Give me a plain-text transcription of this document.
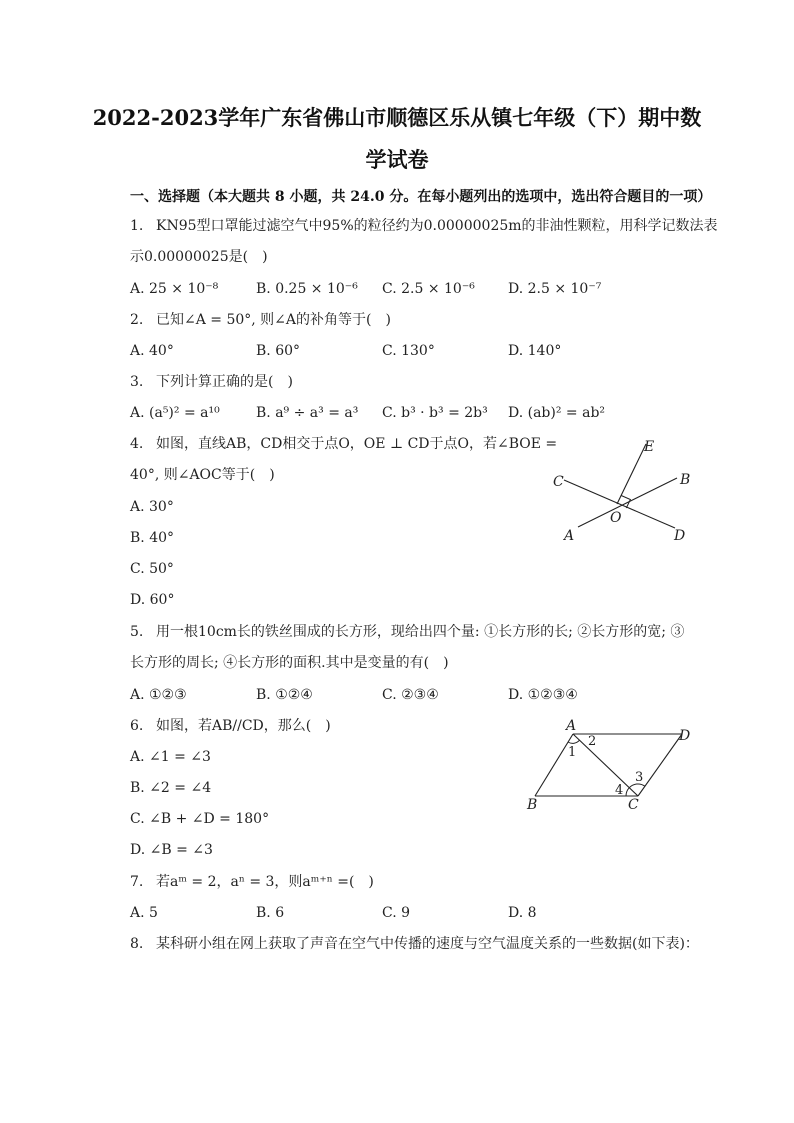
2022-2023学年广东省佛山市顺德区乐从镇七年级（下）期中数
学试卷
一、选择题（本大题共 8 小题，共 24.0 分。在每小题列出的选项中，选出符合题目的一项）
1. KN95型口罩能过滤空气中95%的粒径约为0.00000025m的非油性颗粒，用科学记数法表
示0.00000025是(　)
A. 25 × 10⁻⁸	B. 0.25 × 10⁻⁶ C. 2.5 × 10⁻⁶ D. 2.5 × 10⁻⁷
2. 已知∠A = 50°, 则∠A的补角等于(　)
A. 40°	B. 60°	C. 130°	D. 140°
3. 下列计算正确的是(　)
A. (a⁵)² = a¹⁰	B. a⁹ ÷ a³ = a³ C. b³ · b³ = 2b³ D. (ab)² = ab²
4. 如图，直线AB，CD相交于点O，OE ⊥ CD于点O，若∠BOE =
40°, 则∠AOC等于(　)
A. 30°
B. 40°
C. 50°
D. 60°
E
C	B
O
A	D
5. 用一根10cm长的铁丝围成的长方形，现给出四个量: ①长方形的长; ②长方形的宽; ③
长方形的周长; ④长方形的面积.其中是变量的有(　)
A. ①②③	B. ①②④	C. ②③④	D. ①②③④
6. 如图，若AB//CD，那么(　)
A. ∠1 = ∠3
B. ∠2 = ∠4
C. ∠B + ∠D = 180°
D. ∠B = ∠3
A
D
B	C
1
2
3
4
7. 若aᵐ = 2，aⁿ = 3，则aᵐ⁺ⁿ =(　)
A. 5	B. 6	C. 9	D. 8
8. 某科研小组在网上获取了声音在空气中传播的速度与空气温度关系的一些数据(如下表)：
